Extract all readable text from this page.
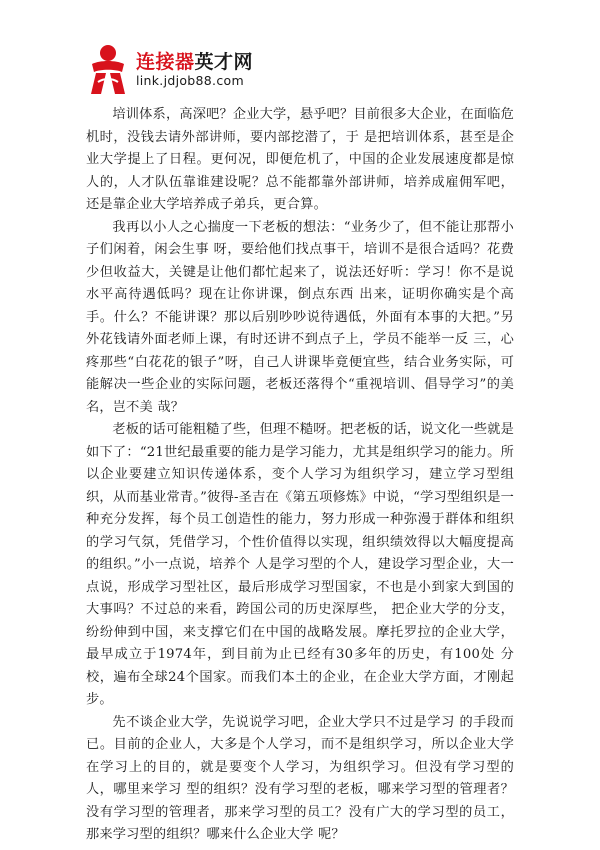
连接器英才网
link.jdjob88.com

培训体系，高深吧？企业大学，悬乎吧？目前很多大企业，在面临危机时，没钱去请外部讲师，要内部挖潜了，于 是把培训体系，甚至是企业大学提上了日程。更何况，即便危机了，中国的企业发展速度都是惊人的，人才队伍靠谁建设呢？总不能都靠外部讲师，培养成雇佣军吧，还是靠企业大学培养成子弟兵，更合算。

我再以小人之心揣度一下老板的想法：“业务少了，但不能让那帮小子们闲着，闲会生事 呀，要给他们找点事干，培训不是很合适吗？花费少但收益大，关键是让他们都忙起来了，说法还好听：学习！你不是说水平高待遇低吗？现在让你讲课，倒点东西 出来，证明你确实是个高手。什么？不能讲课？那以后别吵吵说待遇低，外面有本事的大把。”另外花钱请外面老师上课，有时还讲不到点子上，学员不能举一反 三，心疼那些“白花花的银子”呀，自己人讲课毕竟便宜些，结合业务实际，可能解决一些企业的实际问题，老板还落得个“重视培训、倡导学习”的美名，岂不美 哉？

老板的话可能粗糙了些，但理不糙呀。把老板的话，说文化一些就是如下了：“21世纪最重要的能力是学习能力，尤其是组织学习的能力。所以企业要建立知识传递体系，变个人学习为组织学习，建立学习型组织，从而基业常青。”彼得-圣吉在《第五项修炼》中说，“学习型组织是一种充分发挥，每个员工创造性的能力，努力形成一种弥漫于群体和组织的学习气氛，凭借学习，个性价值得以实现，组织绩效得以大幅度提高的组织。”小一点说，培养个 人是学习型的个人，建设学习型企业，大一点说，形成学习型社区，最后形成学习型国家，不也是小到家大到国的大事吗？不过总的来看，跨国公司的历史深厚些， 把企业大学的分支，纷纷伸到中国，来支撑它们在中国的战略发展。摩托罗拉的企业大学，最早成立于1974年，到目前为止已经有30多年的历史，有100处 分校，遍布全球24个国家。而我们本土的企业，在企业大学方面，才刚起步。

先不谈企业大学，先说说学习吧，企业大学只不过是学习 的手段而已。目前的企业人，大多是个人学习，而不是组织学习，所以企业大学在学习上的目的，就是要变个人学习，为组织学习。但没有学习型的人，哪里来学习 型的组织？没有学习型的老板，哪来学习型的管理者？没有学习型的管理者，那来学习型的员工？没有广大的学习型的员工，那来学习型的组织？哪来什么企业大学 呢？
